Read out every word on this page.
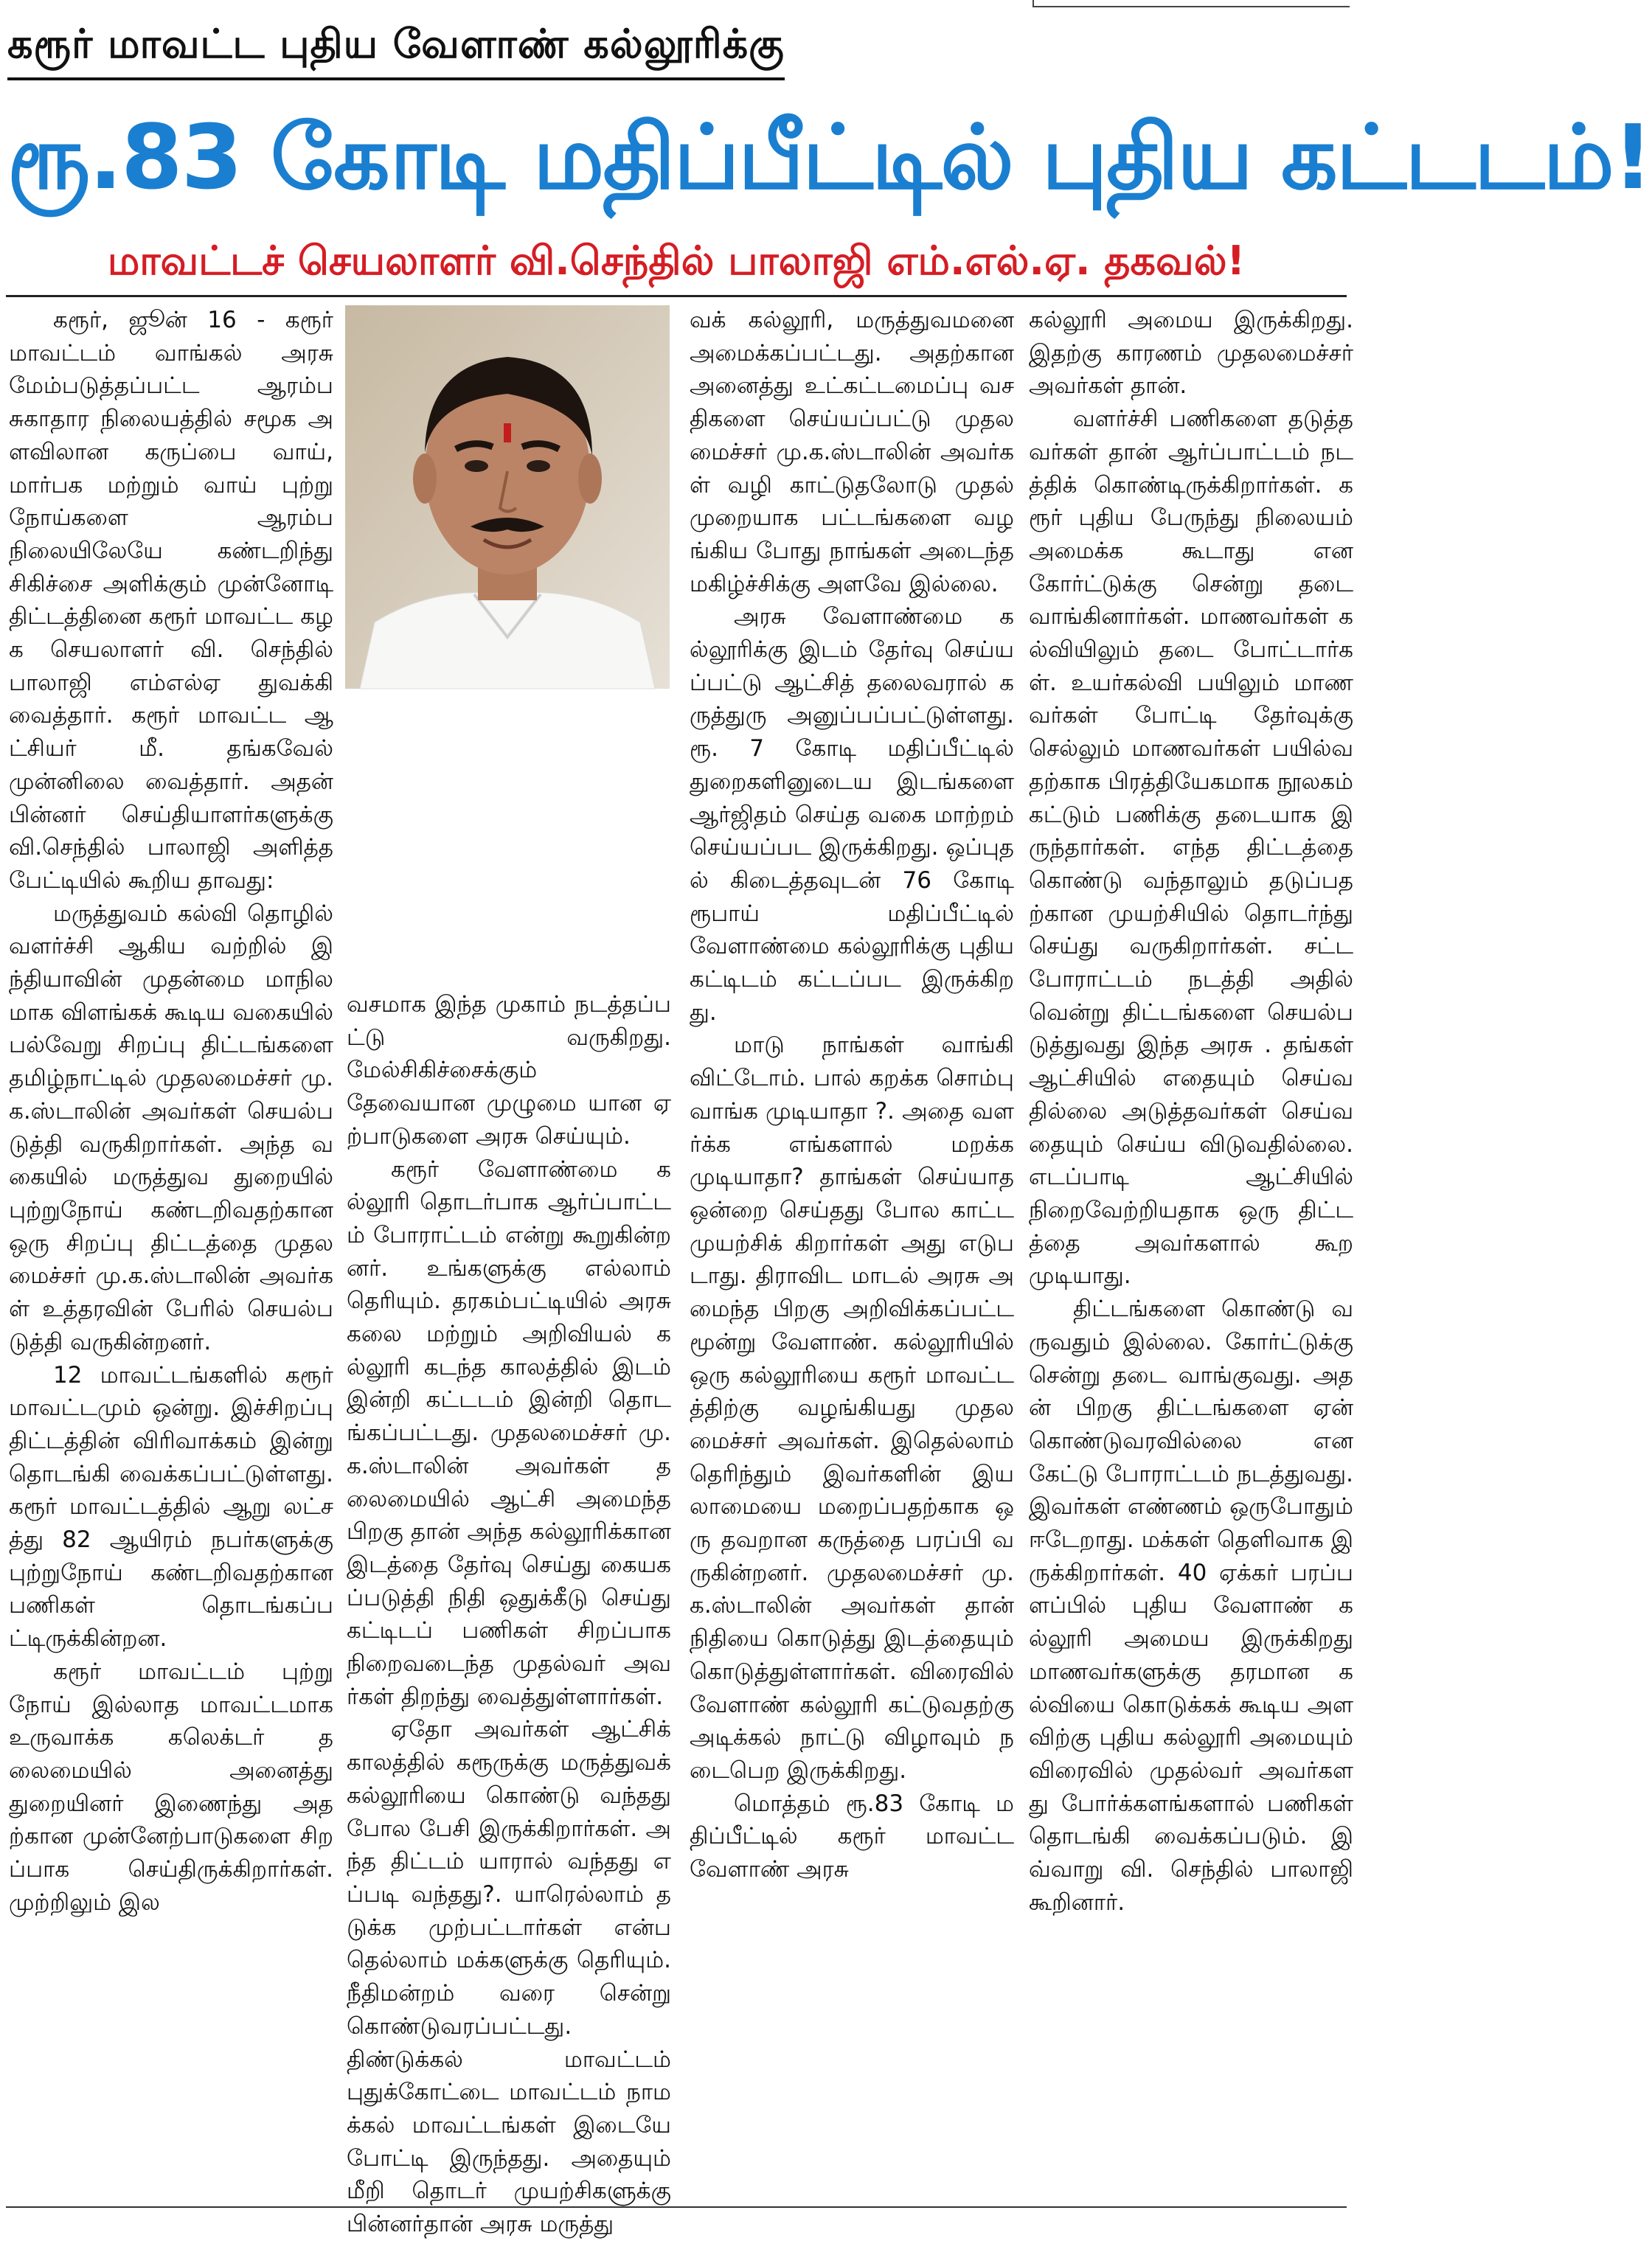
கரூர் மாவட்ட புதிய வேளாண் கல்லூரிக்கு
ரூ.83 கோடி மதிப்பீட்டில் புதிய கட்டடம்!
மாவட்டச் செயலாளர் வி.செந்தில் பாலாஜி எம்.எல்.ஏ. தகவல்!

கரூர், ஜூன் 16 - கரூர் மாவட்டம் வாங்கல் அரசு மேம்படுத்தப்பட்ட ஆரம்ப சுகாதார நிலையத்தில் சமூக அளவிலான கருப்பை வாய், மார்பக மற்றும் வாய் புற்று நோய்களை ஆரம்ப நிலையிலேயே கண்டறிந்து சிகிச்சை அளிக்கும் முன்னோடி திட்டத்தினை கரூர் மாவட்ட கழக செயலாளர் வி. செந்தில் பாலாஜி எம்எல்ஏ துவக்கி வைத்தார். கரூர் மாவட்ட ஆட்சியர் மீ. தங்கவேல் முன்னிலை வைத்தார். அதன் பின்னர் செய்தியாளர்களுக்கு வி.செந்தில் பாலாஜி அளித்த பேட்டியில் கூறிய தாவது:

மருத்துவம் கல்வி தொழில் வளர்ச்சி ஆகிய வற்றில் இந்தியாவின் முதன்மை மாநிலமாக விளங்கக் கூடிய வகையில் பல்வேறு சிறப்பு திட்டங்களை தமிழ்நாட்டில் முதலமைச்சர் மு.க.ஸ்டாலின் அவர்கள் செயல்படுத்தி வருகிறார்கள். அந்த வகையில் மருத்துவ துறையில் புற்றுநோய் கண்டறிவதற்கான ஒரு சிறப்பு திட்டத்தை முதலமைச்சர் மு.க.ஸ்டாலின் அவர்கள் உத்தரவின் பேரில் செயல்படுத்தி வருகின்றனர்.

12 மாவட்டங்களில் கரூர் மாவட்டமும் ஒன்று. இச்சிறப்பு திட்டத்தின் விரிவாக்கம் இன்று தொடங்கி வைக்கப்பட்டுள்ளது. கரூர் மாவட்டத்தில் ஆறு லட்சத்து 82 ஆயிரம் நபர்களுக்கு புற்றுநோய் கண்டறிவதற்கான பணிகள் தொடங்கப்பட்டிருக்கின்றன.

கரூர் மாவட்டம் புற்று நோய் இல்லாத மாவட்டமாக உருவாக்க கலெக்டர் தலைமையில் அனைத்து துறையினர் இணைந்து அதற்கான முன்னேற்பாடுகளை சிறப்பாக செய்திருக்கிறார்கள். முற்றிலும் இல

வசமாக இந்த முகாம் நடத்தப்பட்டு வருகிறது. மேல்சிகிச்சைக்கும் தேவையான முழுமை யான ஏற்பாடுகளை அரசு செய்யும்.

கரூர் வேளாண்மை கல்லூரி தொடர்பாக ஆர்ப்பாட்டம் போராட்டம் என்று கூறுகின்றனர். உங்களுக்கு எல்லாம் தெரியும். தரகம்பட்டியில் அரசு கலை மற்றும் அறிவியல் கல்லூரி கடந்த காலத்தில் இடம் இன்றி கட்டடம் இன்றி தொடங்கப்பட்டது. முதலமைச்சர் மு.க.ஸ்டாலின் அவர்கள் தலைமையில் ஆட்சி அமைந்த பிறகு தான் அந்த கல்லூரிக்கான இடத்தை தேர்வு செய்து கையகப்படுத்தி நிதி ஒதுக்கீடு செய்து கட்டிடப் பணிகள் சிறப்பாக நிறைவடைந்த முதல்வர் அவர்கள் திறந்து வைத்துள்ளார்கள்.

ஏதோ அவர்கள் ஆட்சிக் காலத்தில் கரூருக்கு மருத்துவக் கல்லூரியை கொண்டு வந்தது போல பேசி இருக்கிறார்கள். அந்த திட்டம் யாரால் வந்தது எப்படி வந்தது?. யாரெல்லாம் தடுக்க முற்பட்டார்கள் என்பதெல்லாம் மக்களுக்கு தெரியும். நீதிமன்றம் வரை சென்று கொண்டுவரப்பட்டது. திண்டுக்கல் மாவட்டம் புதுக்கோட்டை மாவட்டம் நாமக்கல் மாவட்டங்கள் இடையே போட்டி இருந்தது. அதையும் மீறி தொடர் முயற்சிகளுக்கு பின்னர்தான் அரசு மருத்து

வக் கல்லூரி, மருத்துவமனை அமைக்கப்பட்டது. அதற்கான அனைத்து உட்கட்டமைப்பு வசதிகளை செய்யப்பட்டு முதலமைச்சர் மு.க.ஸ்டாலின் அவர்கள் வழி காட்டுதலோடு முதல் முறையாக பட்டங்களை வழங்கிய போது நாங்கள் அடைந்த மகிழ்ச்சிக்கு அளவே இல்லை.

அரசு வேளாண்மை கல்லூரிக்கு இடம் தேர்வு செய்யப்பட்டு ஆட்சித் தலைவரால் கருத்துரு அனுப்பப்பட்டுள்ளது. ரூ. 7 கோடி மதிப்பீட்டில் துறைகளினுடைய இடங்களை ஆர்ஜிதம் செய்த வகை மாற்றம் செய்யப்பட இருக்கிறது. ஒப்புதல் கிடைத்தவுடன் 76 கோடி ரூபாய் மதிப்பீட்டில் வேளாண்மை கல்லூரிக்கு புதிய கட்டிடம் கட்டப்பட இருக்கிறது.

மாடு நாங்கள் வாங்கி விட்டோம். பால் கறக்க சொம்பு வாங்க முடியாதா ?. அதை வளர்க்க எங்களால் மறக்க முடியாதா? தாங்கள் செய்யாத ஒன்றை செய்தது போல காட்ட முயற்சிக் கிறார்கள் அது எடுபடாது. திராவிட மாடல் அரசு அமைந்த பிறகு அறிவிக்கப்பட்ட மூன்று வேளாண். கல்லூரியில் ஒரு கல்லூரியை கரூர் மாவட்டத்திற்கு வழங்கியது முதலமைச்சர் அவர்கள். இதெல்லாம் தெரிந்தும் இவர்களின் இயலாமையை மறைப்பதற்காக ஒரு தவறான கருத்தை பரப்பி வருகின்றனர். முதலமைச்சர் மு.க.ஸ்டாலின் அவர்கள் தான் நிதியை கொடுத்து இடத்தையும் கொடுத்துள்ளார்கள். விரைவில் வேளாண் கல்லூரி கட்டுவதற்கு அடிக்கல் நாட்டு விழாவும் நடைபெற இருக்கிறது.

மொத்தம் ரூ.83 கோடி மதிப்பீட்டில் கரூர் மாவட்ட வேளாண் அரசு

கல்லூரி அமைய இருக்கிறது. இதற்கு காரணம் முதலமைச்சர் அவர்கள் தான்.

வளர்ச்சி பணிகளை தடுத்தவர்கள் தான் ஆர்ப்பாட்டம் நடத்திக் கொண்டிருக்கிறார்கள். கரூர் புதிய பேருந்து நிலையம் அமைக்க கூடாது என கோர்ட்டுக்கு சென்று தடை வாங்கினார்கள். மாணவர்கள் கல்வியிலும் தடை போட்டார்கள். உயர்கல்வி பயிலும் மாணவர்கள் போட்டி தேர்வுக்கு செல்லும் மாணவர்கள் பயில்வதற்காக பிரத்தியேகமாக நூலகம் கட்டும் பணிக்கு தடையாக இருந்தார்கள். எந்த திட்டத்தை கொண்டு வந்தாலும் தடுப்பதற்கான முயற்சியில் தொடர்ந்து செய்து வருகிறார்கள். சட்ட போராட்டம் நடத்தி அதில் வென்று திட்டங்களை செயல்படுத்துவது இந்த அரசு . தங்கள் ஆட்சியில் எதையும் செய்வதில்லை அடுத்தவர்கள் செய்வதையும் செய்ய விடுவதில்லை. எடப்பாடி ஆட்சியில் நிறைவேற்றியதாக ஒரு திட்டத்தை அவர்களால் கூற முடியாது.

திட்டங்களை கொண்டு வருவதும் இல்லை. கோர்ட்டுக்கு சென்று தடை வாங்குவது. அதன் பிறகு திட்டங்களை ஏன் கொண்டுவரவில்லை என கேட்டு போராட்டம் நடத்துவது. இவர்கள் எண்ணம் ஒருபோதும் ஈடேறாது. மக்கள் தெளிவாக இருக்கிறார்கள். 40 ஏக்கர் பரப்பளப்பில் புதிய வேளாண் கல்லூரி அமைய இருக்கிறது மாணவர்களுக்கு தரமான கல்வியை கொடுக்கக் கூடிய அளவிற்கு புதிய கல்லூரி அமையும் விரைவில் முதல்வர் அவர்களது போர்க்களங்களால் பணிகள் தொடங்கி வைக்கப்படும். இவ்வாறு வி. செந்தில் பாலாஜி கூறினார்.
